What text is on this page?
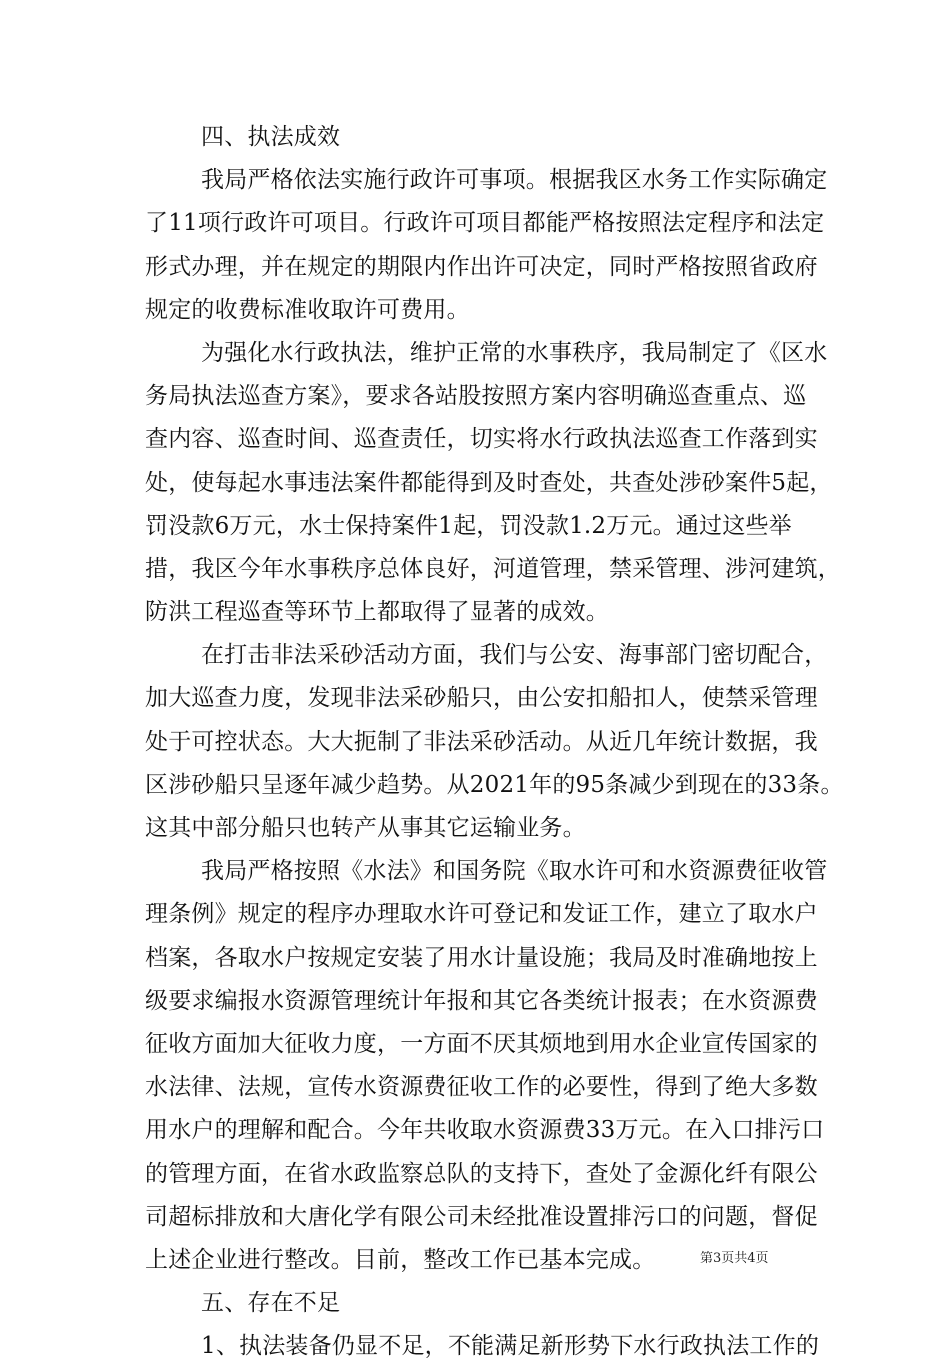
四、执法成效
我局严格依法实施行政许可事项。根据我区水务工作实际确定
了11项行政许可项目。行政许可项目都能严格按照法定程序和法定
形式办理，并在规定的期限内作出许可决定，同时严格按照省政府
规定的收费标准收取许可费用。
为强化水行政执法，维护正常的水事秩序，我局制定了《区水
务局执法巡查方案》，要求各站股按照方案内容明确巡查重点、巡
查内容、巡查时间、巡查责任，切实将水行政执法巡查工作落到实
处，使每起水事违法案件都能得到及时查处，共查处涉砂案件5起，
罚没款6万元，水士保持案件1起，罚没款1.2万元。通过这些举
措，我区今年水事秩序总体良好，河道管理，禁采管理、涉河建筑，
防洪工程巡查等环节上都取得了显著的成效。
在打击非法采砂活动方面，我们与公安、海事部门密切配合，
加大巡查力度，发现非法采砂船只，由公安扣船扣人，使禁采管理
处于可控状态。大大扼制了非法采砂活动。从近几年统计数据，我
区涉砂船只呈逐年减少趋势。从2021年的95条减少到现在的33条。
这其中部分船只也转产从事其它运输业务。
我局严格按照《水法》和国务院《取水许可和水资源费征收管
理条例》规定的程序办理取水许可登记和发证工作，建立了取水户
档案，各取水户按规定安装了用水计量设施；我局及时准确地按上
级要求编报水资源管理统计年报和其它各类统计报表；在水资源费
征收方面加大征收力度，一方面不厌其烦地到用水企业宣传国家的
水法律、法规，宣传水资源费征收工作的必要性，得到了绝大多数
用水户的理解和配合。今年共收取水资源费33万元。在入口排污口
的管理方面，在省水政监察总队的支持下，查处了金源化纤有限公
司超标排放和大唐化学有限公司未经批准设置排污口的问题，督促
上述企业进行整改。目前，整改工作已基本完成。
五、存在不足
1、执法装备仍显不足，不能满足新形势下水行政执法工作的
第3页共4页
